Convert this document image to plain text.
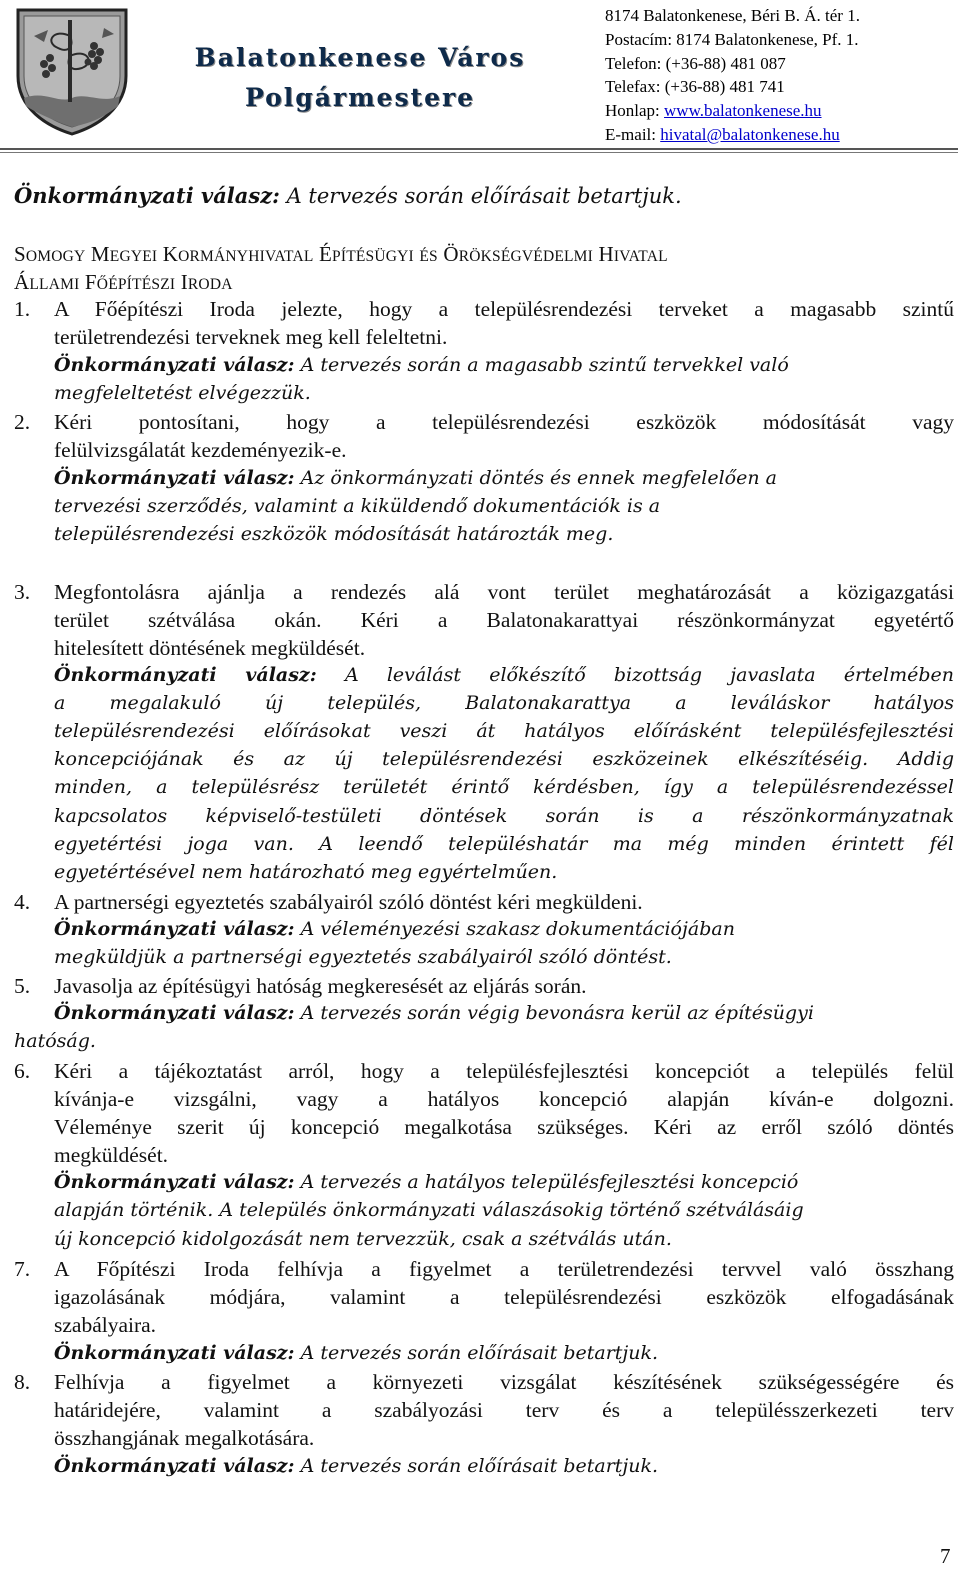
Balatonkenese Város
Polgármestere
8174 Balatonkenese, Béri B. Á. tér 1.
Postacím: 8174 Balatonkenese, Pf. 1.
Telefon: (+36-88) 481 087
Telefax: (+36-88) 481 741
Honlap: www.balatonkenese.hu
E-mail: hivatal@balatonkenese.hu
Önkormányzati válasz: A tervezés során előírásait betartjuk.
SOMOGY MEGYEI KORMÁNYHIVATAL ÉPÍTÉSÜGYI ÉS ÖRÖKSÉGVÉDELMI HIVATAL
ÁLLAMI FŐÉPÍTÉSZI IRODA
1. A Főépítészi Iroda jelezte, hogy a településrendezési terveket a magasabb szintű
területrendezési terveknek meg kell feleltetni.
Önkormányzati válasz: A tervezés során a magasabb szintű tervekkel való
megfeleltetést elvégezzük.
2. Kéri pontosítani, hogy a településrendezési eszközök módosítását vagy
felülvizsgálatát kezdeményezik-e.
Önkormányzati válasz: Az önkormányzati döntés és ennek megfelelően a
tervezési szerződés, valamint a kiküldendő dokumentációk is a
településrendezési eszközök módosítását határozták meg.
3. Megfontolásra ajánlja a rendezés alá vont terület meghatározását a közigazgatási
terület szétválása okán. Kéri a Balatonakarattyai részönkormányzat egyetértő
hitelesített döntésének megküldését.
Önkormányzati válasz: A leválást előkészítő bizottság javaslata értelmében
a megalakuló új település, Balatonakarattya a leváláskor hatályos
településrendezési előírásokat veszi át hatályos előírásként településfejlesztési
koncepciójának és az új településrendezési eszközeinek elkészítéséig. Addig
minden, a településrész területét érintő kérdésben, így a településrendezéssel
kapcsolatos képviselő-testületi döntések során is a részönkormányzatnak
egyetértési joga van. A leendő településhatár ma még minden érintett fél
egyetértésével nem határozható meg egyértelműen.
4. A partnerségi egyeztetés szabályairól szóló döntést kéri megküldeni.
Önkormányzati válasz: A véleményezési szakasz dokumentációjában
megküldjük a partnerségi egyeztetés szabályairól szóló döntést.
5. Javasolja az építésügyi hatóság megkeresését az eljárás során.
Önkormányzati válasz: A tervezés során végig bevonásra kerül az építésügyi
hatóság.
6. Kéri a tájékoztatást arról, hogy a településfejlesztési koncepciót a település felül
kívánja-e vizsgálni, vagy a hatályos koncepció alapján kíván-e dolgozni.
Véleménye szerit új koncepció megalkotása szükséges. Kéri az erről szóló döntés
megküldését.
Önkormányzati válasz: A tervezés a hatályos településfejlesztési koncepció
alapján történik. A település önkormányzati válaszásokig történő szétválásáig
új koncepció kidolgozását nem tervezzük, csak a szétválás után.
7. A Főpítészi Iroda felhívja a figyelmet a területrendezési tervvel való összhang
igazolásának módjára, valamint a településrendezési eszközök elfogadásának
szabályaira.
Önkormányzati válasz: A tervezés során előírásait betartjuk.
8. Felhívja a figyelmet a környezeti vizsgálat készítésének szükségességére és
határidejére, valamint a szabályozási terv és a településszerkezeti terv
összhangjának megalkotására.
Önkormányzati válasz: A tervezés során előírásait betartjuk.
7
